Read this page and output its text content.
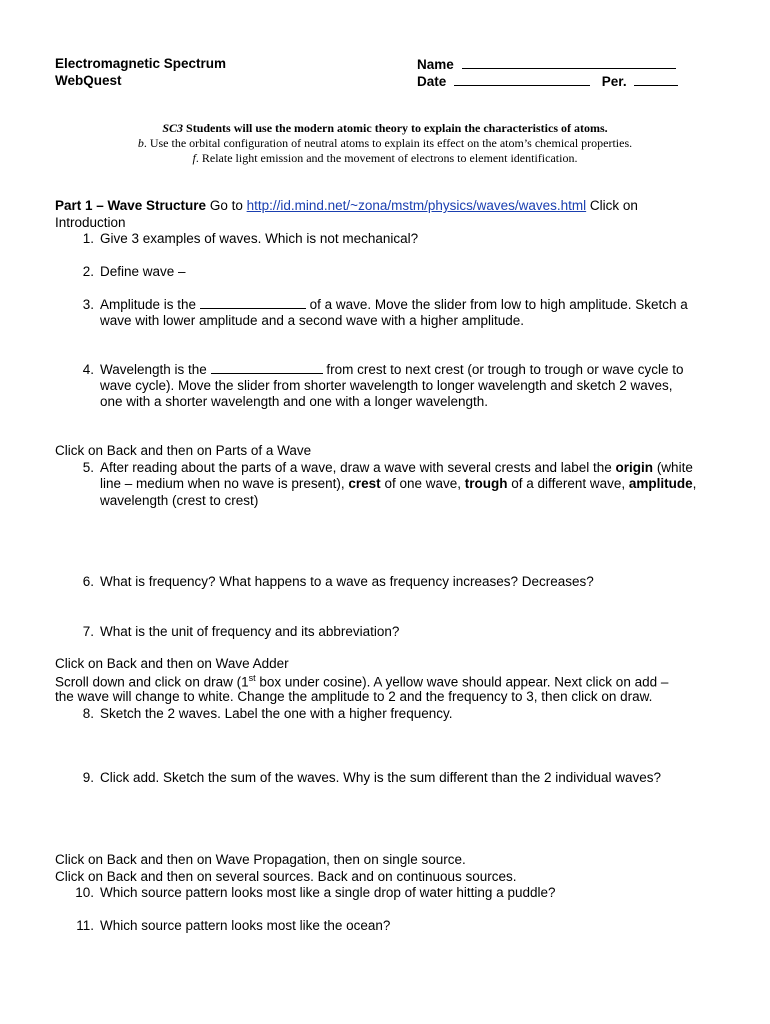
Electromagnetic Spectrum
WebQuest
Name
Date	Per.
SC3 Students will use the modern atomic theory to explain the characteristics of atoms.
b. Use the orbital configuration of neutral atoms to explain its effect on the atom’s chemical properties.
f. Relate light emission and the movement of electrons to element identification.
Part 1 – Wave Structure Go to http://id.mind.net/~zona/mstm/physics/waves/waves.html Click on
Introduction
1. Give 3 examples of waves. Which is not mechanical?
2. Define wave –
3. Amplitude is the	of a wave. Move the slider from low to high amplitude. Sketch a
wave with lower amplitude and a second wave with a higher amplitude.
4. Wavelength is the	from crest to next crest (or trough to trough or wave cycle to
wave cycle). Move the slider from shorter wavelength to longer wavelength and sketch 2 waves,
one with a shorter wavelength and one with a longer wavelength.
Click on Back and then on Parts of a Wave
5. After reading about the parts of a wave, draw a wave with several crests and label the origin (white
line – medium when no wave is present), crest of one wave, trough of a different wave, amplitude,
wavelength (crest to crest)
6. What is frequency? What happens to a wave as frequency increases? Decreases?
7. What is the unit of frequency and its abbreviation?
Click on Back and then on Wave Adder
Scroll down and click on draw (1st box under cosine). A yellow wave should appear. Next click on add –
the wave will change to white. Change the amplitude to 2 and the frequency to 3, then click on draw.
8. Sketch the 2 waves. Label the one with a higher frequency.
9. Click add. Sketch the sum of the waves. Why is the sum different than the 2 individual waves?
Click on Back and then on Wave Propagation, then on single source.
Click on Back and then on several sources. Back and on continuous sources.
10. Which source pattern looks most like a single drop of water hitting a puddle?
11. Which source pattern looks most like the ocean?
